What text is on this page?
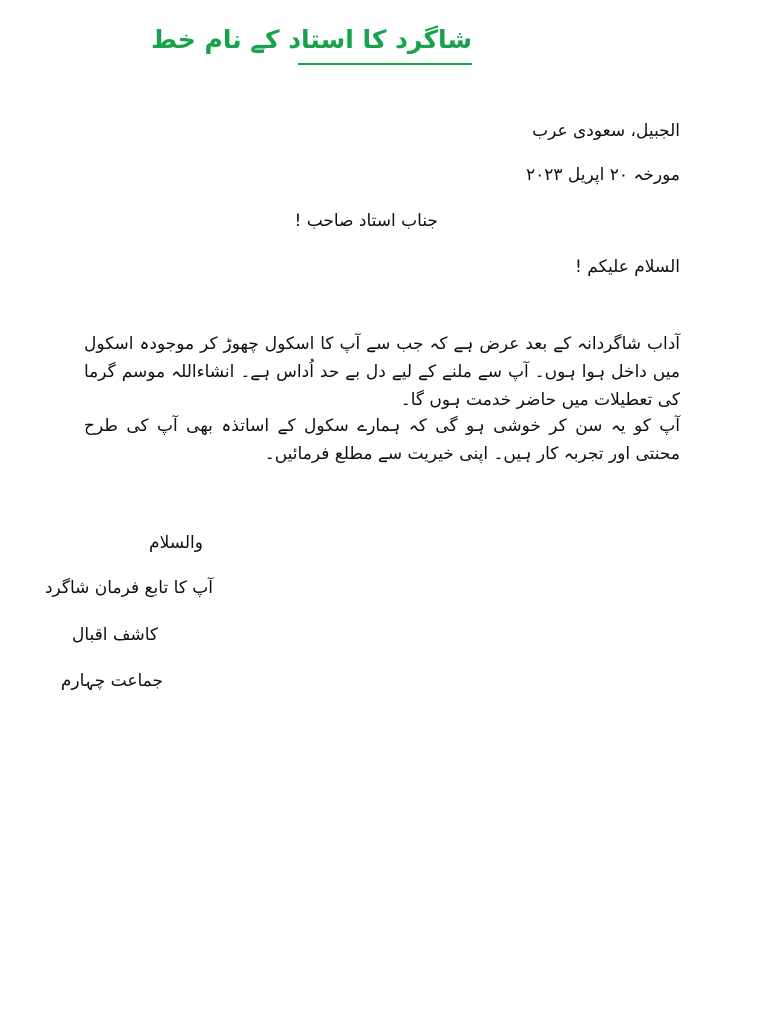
شاگرد کا استاد کے نام خط
الجبیل، سعودی عرب
مورخہ ۲۰ اپریل ۲۰۲۳
جناب استاد صاحب !
السلام علیکم !
آداب شاگردانہ کے بعد عرض ہے کہ جب سے آپ کا اسکول چھوڑ کر موجودہ اسکول میں داخل ہوا ہوں۔ آپ سے ملنے کے لیے دل بے حد اُداس ہے۔ انشاءاللہ موسم گرما کی تعطیلات میں حاضر خدمت ہوں گا۔
آپ کو یہ سن کر خوشی ہو گی کہ ہمارے سکول کے اساتذہ بھی آپ کی طرح محنتی اور تجربہ کار ہیں۔ اپنی خیریت سے مطلع فرمائیں۔
والسلام
آپ کا تابع فرمان شاگرد
کاشف اقبال
جماعت چہارم
